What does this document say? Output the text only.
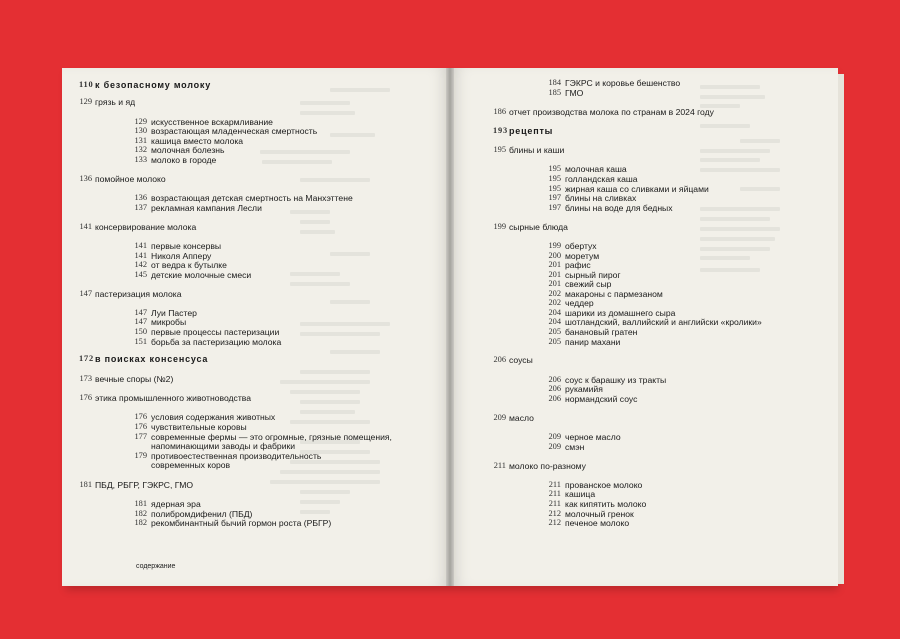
110 к безопасному молоку
129 грязь и яд
129 искусственное вскармливание
130 возрастающая младенческая смертность
131 кашица вместо молока
132 молочная болезнь
133 молоко в городе
136 помойное молоко
136 возрастающая детская смертность на Манхэттене
137 рекламная кампания Лесли
141 консервирование молока
141 первые консервы
141 Николя Апперу
142 от ведра к бутылке
145 детские молочные смеси
147 пастеризация молока
147 Луи Пастер
147 микробы
150 первые процессы пастеризации
151 борьба за пастеризацию молока
172 в поисках консенсуса
173 вечные споры (№2)
176 этика промышленного животноводства
176 условия содержания животных
176 чувствительные коровы
177 современные фермы — это огромные, грязные помещения,
напоминающими заводы и фабрики
179 противоестественная производительность
современных коров
181 ПБД, РБГР, ГЭКРС, ГМО
181 ядерная эра
182 полибромдифенил (ПБД)
182 рекомбинантный бычий гормон роста (РБГР)
184 ГЭКРС и коровье бешенство
185 ГМО
186 отчет производства молока по странам в 2024 году
193 рецепты
195 блины и каши
195 молочная каша
195 голландская каша
195 жирная каша со сливками и яйцами
197 блины на сливках
197 блины на воде для бедных
199 сырные блюда
199 обертух
200 моретум
201 рафис
201 сырный пирог
201 свежий сыр
202 макароны с пармезаном
202 чеддер
204 шарики из домашнего сыра
204 шотландский, валлийский и английски «кролики»
205 банановый гратен
205 панир махани
206 соусы
206 соус к барашку из тракты
206 рукамийя
206 нормандский соус
209 масло
209 черное масло
209 смэн
211 молоко по-разному
211 прованское молоко
211 кашица
211 как кипятить молоко
212 молочный гренок
212 печеное молоко
содержание
